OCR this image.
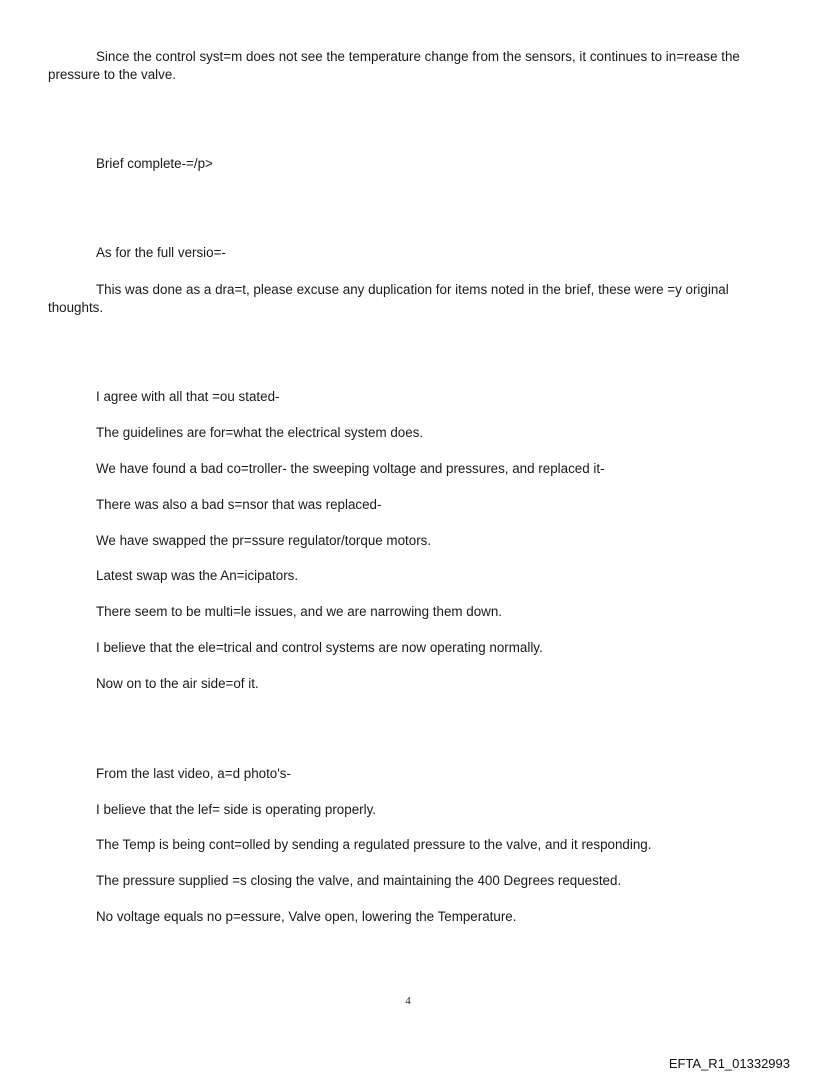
Since the control syst=m does not see the temperature change from the sensors, it continues to in=rease the pressure to the valve.

Brief complete-=/p>

As for the full versio=-

This was done as a dra=t, please excuse any duplication for items noted in the brief, these were =y original thoughts.

I agree with all that =ou stated-

The guidelines are for=what the electrical system does.

We have found a bad co=troller- the sweeping voltage and pressures, and replaced it-

There was also a bad s=nsor that was replaced-

We have swapped the pr=ssure regulator/torque motors.

Latest swap was the An=icipators.

There seem to be multi=le issues, and we are narrowing them down.

I believe that the ele=trical and control systems are now operating normally.

Now on to the air side=of it.

From the last video, a=d photo's-

I believe that the lef= side is operating properly.

The Temp is being cont=olled by sending a regulated pressure to the valve, and it responding.

The pressure supplied =s closing the valve, and maintaining the 400 Degrees requested.

No voltage equals no p=essure, Valve open, lowering the Temperature.

4
EFTA_R1_01332993
